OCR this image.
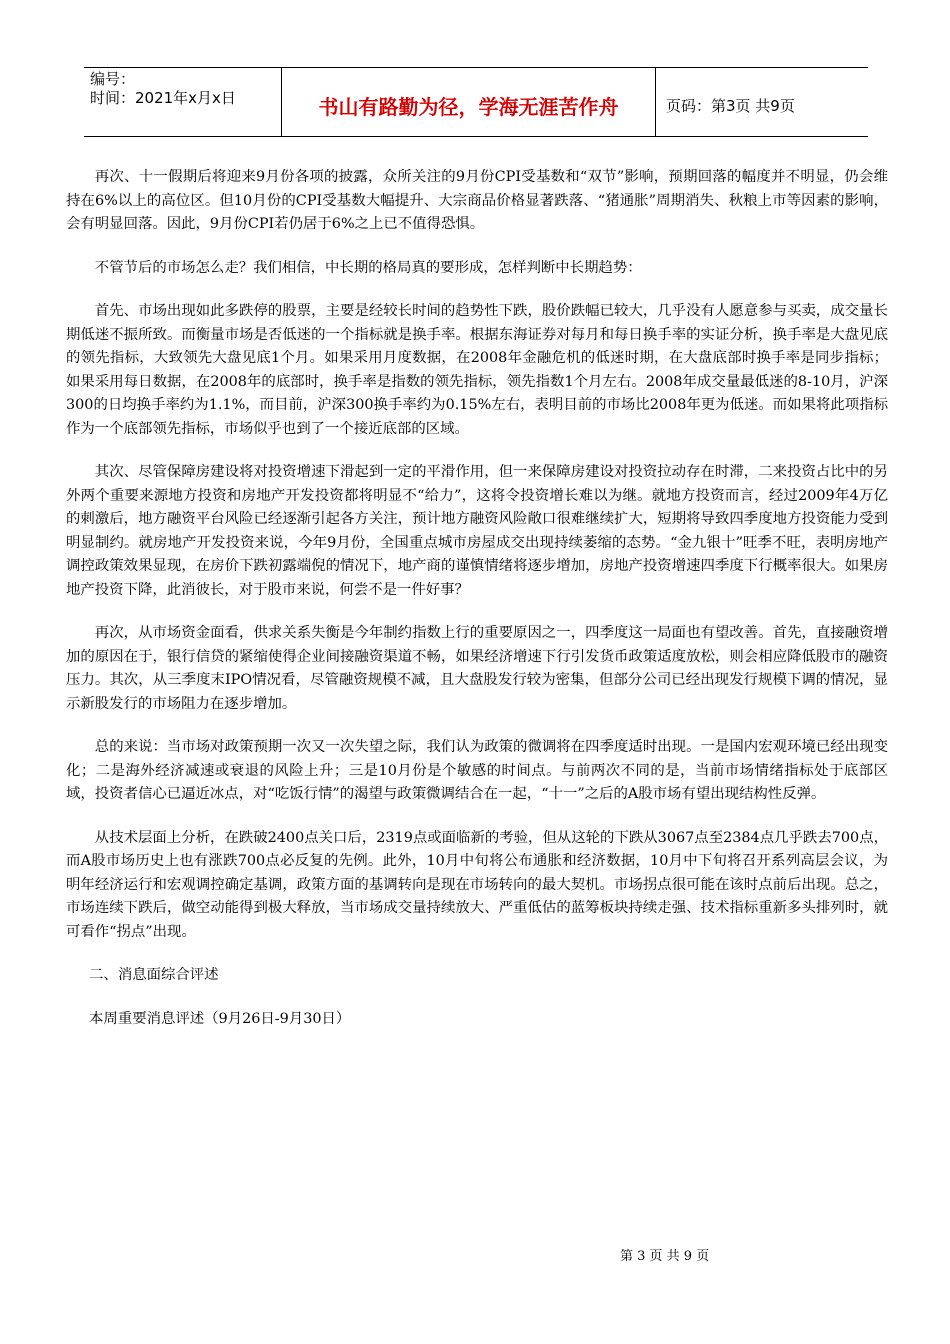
编号：
时间：2021年x月x日	书山有路勤为径，学海无涯苦作舟	页码：第3页 共9页

再次、十一假期后将迎来9月份各项的披露，众所关注的9月份CPI受基数和“双节”影响，预期回落的幅度并不明显，仍会维持在6%以上的高位区。但10月份的CPI受基数大幅提升、大宗商品价格显著跌落、“猪通胀”周期消失、秋粮上市等因素的影响，会有明显回落。因此，9月份CPI若仍居于6%之上已不值得恐惧。

不管节后的市场怎么走？我们相信，中长期的格局真的要形成，怎样判断中长期趋势：

首先、市场出现如此多跌停的股票，主要是经较长时间的趋势性下跌，股价跌幅已较大，几乎没有人愿意参与买卖，成交量长期低迷不振所致。而衡量市场是否低迷的一个指标就是换手率。根据东海证券对每月和每日换手率的实证分析，换手率是大盘见底的领先指标，大致领先大盘见底1个月。如果采用月度数据，在2008年金融危机的低迷时期，在大盘底部时换手率是同步指标；如果采用每日数据，在2008年的底部时，换手率是指数的领先指标，领先指数1个月左右。2008年成交量最低迷的8-10月，沪深300的日均换手率约为1.1%，而目前，沪深300换手率约为0.15%左右，表明目前的市场比2008年更为低迷。而如果将此项指标作为一个底部领先指标，市场似乎也到了一个接近底部的区域。

其次、尽管保障房建设将对投资增速下滑起到一定的平滑作用，但一来保障房建设对投资拉动存在时滞，二来投资占比中的另外两个重要来源地方投资和房地产开发投资都将明显不“给力”，这将令投资增长难以为继。就地方投资而言，经过2009年4万亿的刺激后，地方融资平台风险已经逐渐引起各方关注，预计地方融资风险敞口很难继续扩大，短期将导致四季度地方投资能力受到明显制约。就房地产开发投资来说，今年9月份，全国重点城市房屋成交出现持续萎缩的态势。“金九银十”旺季不旺，表明房地产调控政策效果显现，在房价下跌初露端倪的情况下，地产商的谨慎情绪将逐步增加，房地产投资增速四季度下行概率很大。如果房地产投资下降，此消彼长，对于股市来说，何尝不是一件好事？

再次，从市场资金面看，供求关系失衡是今年制约指数上行的重要原因之一，四季度这一局面也有望改善。首先，直接融资增加的原因在于，银行信贷的紧缩使得企业间接融资渠道不畅，如果经济增速下行引发货币政策适度放松，则会相应降低股市的融资压力。其次，从三季度末IPO情况看，尽管融资规模不减，且大盘股发行较为密集，但部分公司已经出现发行规模下调的情况，显示新股发行的市场阻力在逐步增加。

总的来说：当市场对政策预期一次又一次失望之际，我们认为政策的微调将在四季度适时出现。一是国内宏观环境已经出现变化；二是海外经济减速或衰退的风险上升；三是10月份是个敏感的时间点。与前两次不同的是，当前市场情绪指标处于底部区域，投资者信心已逼近冰点，对“吃饭行情”的渴望与政策微调结合在一起，“十一”之后的A股市场有望出现结构性反弹。

从技术层面上分析，在跌破2400点关口后，2319点或面临新的考验，但从这轮的下跌从3067点至2384点几乎跌去700点，而A股市场历史上也有涨跌700点必反复的先例。此外，10月中旬将公布通胀和经济数据，10月中下旬将召开系列高层会议，为明年经济运行和宏观调控确定基调，政策方面的基调转向是现在市场转向的最大契机。市场拐点很可能在该时点前后出现。总之，市场连续下跌后，做空动能得到极大释放，当市场成交量持续放大、严重低估的蓝筹板块持续走强、技术指标重新多头排列时，就可看作“拐点”出现。

二、消息面综合评述

本周重要消息评述（9月26日-9月30日）

第 3 页 共 9 页
